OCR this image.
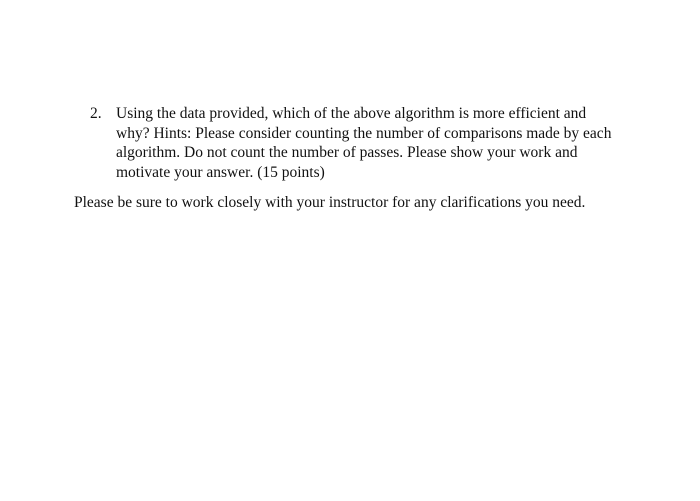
2. Using the data provided, which of the above algorithm is more efficient and
why? Hints: Please consider counting the number of comparisons made by each
algorithm. Do not count the number of passes. Please show your work and
motivate your answer. (15 points)
Please be sure to work closely with your instructor for any clarifications you need.
